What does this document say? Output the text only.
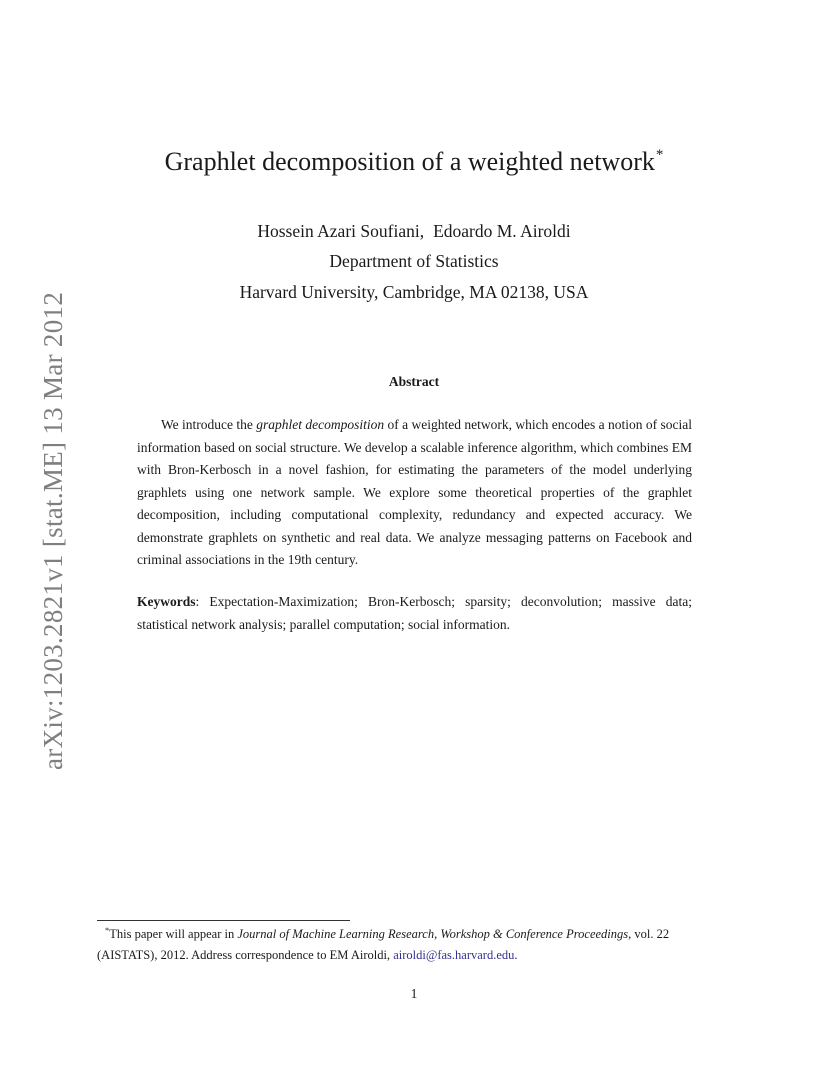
arXiv:1203.2821v1 [stat.ME] 13 Mar 2012
Graphlet decomposition of a weighted network*
Hossein Azari Soufiani, Edoardo M. Airoldi
Department of Statistics
Harvard University, Cambridge, MA 02138, USA
Abstract
We introduce the graphlet decomposition of a weighted network, which encodes a notion of social information based on social structure. We develop a scalable inference algorithm, which combines EM with Bron-Kerbosch in a novel fashion, for estimating the parameters of the model underlying graphlets using one network sample. We explore some theoretical properties of the graphlet decomposition, including computational complexity, redundancy and expected accuracy. We demonstrate graphlets on synthetic and real data. We analyze messaging patterns on Facebook and criminal associations in the 19th century.
Keywords: Expectation-Maximization; Bron-Kerbosch; sparsity; deconvolution; massive data; statistical network analysis; parallel computation; social information.
*This paper will appear in Journal of Machine Learning Research, Workshop & Conference Proceedings, vol. 22
(AISTATS), 2012. Address correspondence to EM Airoldi, airoldi@fas.harvard.edu.
1
